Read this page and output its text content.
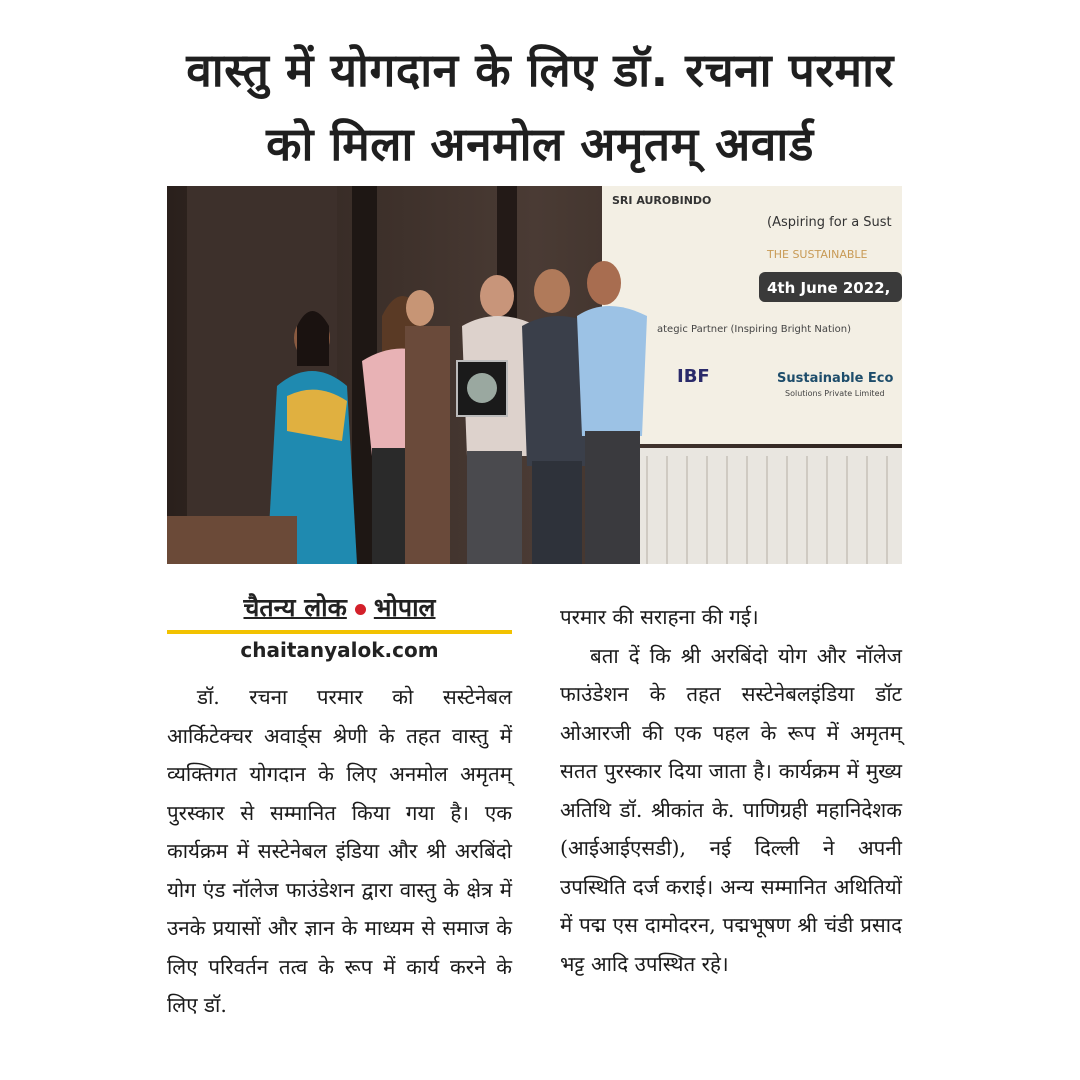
वास्तु में योगदान के लिए डॉ. रचना परमार
को मिला अनमोल अमृतम् अवार्ड
SRI AUROBINDO
(Aspiring for a Sust
THE SUSTAINABLE
4th June 2022,
ategic Partner (Inspiring Bright Nation)
IBF	Sustainable Eco
Solutions Private Limited
चैतन्य लोक भोपाल
chaitanyalok.com

डॉ. रचना परमार को सस्टेनेबल आर्किटेक्चर अवार्ड्स श्रेणी के तहत वास्तु में व्यक्तिगत योगदान के लिए अनमोल अमृतम् पुरस्कार से सम्मानित किया गया है। एक कार्यक्रम में सस्टेनेबल इंडिया और श्री अरबिंदो योग एंड नॉलेज फाउंडेशन द्वारा वास्तु के क्षेत्र में उनके प्रयासों और ज्ञान के माध्यम से समाज के लिए परिवर्तन तत्व के रूप में कार्य करने के लिए डॉ.

परमार की सराहना की गई।

बता दें कि श्री अरबिंदो योग और नॉलेज फाउंडेशन के तहत सस्टेनेबलइंडिया डॉट ओआरजी की एक पहल के रूप में अमृतम् सतत पुरस्कार दिया जाता है। कार्यक्रम में मुख्य अतिथि डॉ. श्रीकांत के. पाणिग्रही महानिदेशक (आईआईएसडी), नई दिल्ली ने अपनी उपस्थिति दर्ज कराई। अन्य सम्मानित अथितियों में पद्म एस दामोदरन, पद्मभूषण श्री चंडी प्रसाद भट्ट आदि उपस्थित रहे।
